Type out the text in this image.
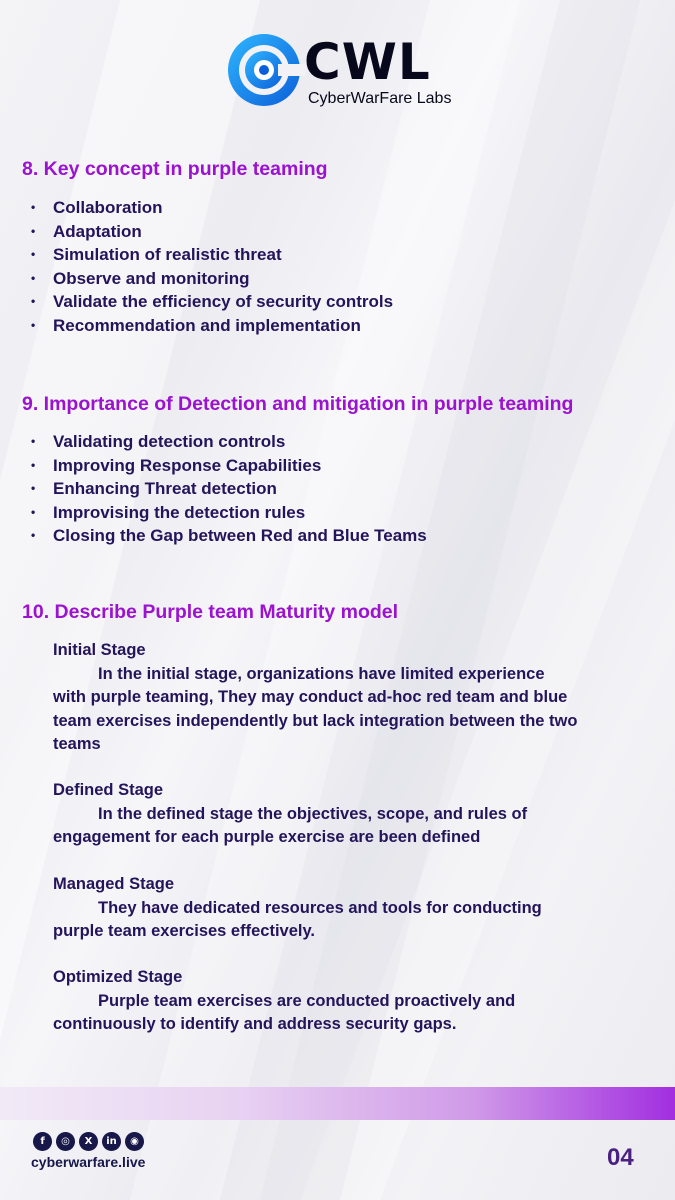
CWL
CyberWarFare Labs
8. Key concept in purple teaming
• Collaboration
• Adaptation
• Simulation of realistic threat
• Observe and monitoring
• Validate the efficiency of security controls
• Recommendation and implementation
9. Importance of Detection and mitigation in purple teaming
• Validating detection controls
• Improving Response Capabilities
• Enhancing Threat detection
• Improvising the detection rules
• Closing the Gap between Red and Blue Teams
10. Describe Purple team Maturity model
Initial Stage

In the initial stage, organizations have limited experience
with purple teaming, They may conduct ad-hoc red team and blue
team exercises independently but lack integration between the two
teams

Defined Stage

In the defined stage the objectives, scope, and rules of
engagement for each purple exercise are been defined

Managed Stage

They have dedicated resources and tools for conducting
purple team exercises effectively.

Optimized Stage

Purple team exercises are conducted proactively and
continuously to identify and address security gaps.

f	◎	X	in	◉
cyberwarfare.live	04
